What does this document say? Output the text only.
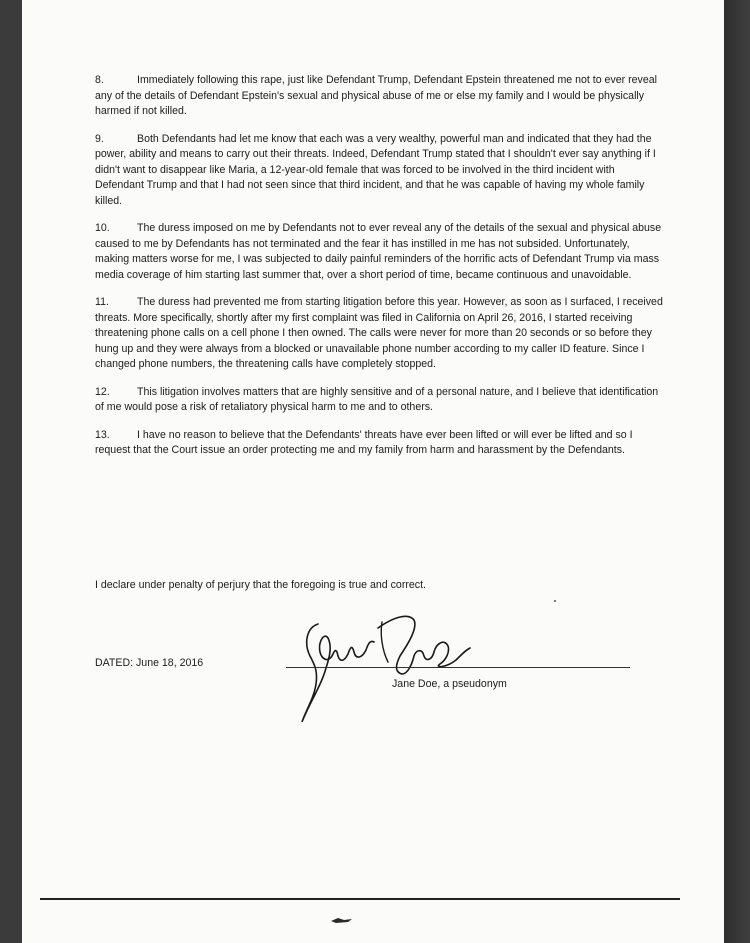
8.	Immediately following this rape, just like Defendant Trump, Defendant Epstein threatened me not to ever reveal any of the details of Defendant Epstein's sexual and physical abuse of me or else my family and I would be physically harmed if not killed.

9.	Both Defendants had let me know that each was a very wealthy, powerful man and indicated that they had the power, ability and means to carry out their threats. Indeed, Defendant Trump stated that I shouldn't ever say anything if I didn't want to disappear like Maria, a 12-year-old female that was forced to be involved in the third incident with Defendant Trump and that I had not seen since that third incident, and that he was capable of having my whole family killed.

10.	The duress imposed on me by Defendants not to ever reveal any of the details of the sexual and physical abuse caused to me by Defendants has not terminated and the fear it has instilled in me has not subsided. Unfortunately, making matters worse for me, I was subjected to daily painful reminders of the horrific acts of Defendant Trump via mass media coverage of him starting last summer that, over a short period of time, became continuous and unavoidable.

11.	The duress had prevented me from starting litigation before this year. However, as soon as I surfaced, I received threats. More specifically, shortly after my first complaint was filed in California on April 26, 2016, I started receiving threatening phone calls on a cell phone I then owned. The calls were never for more than 20 seconds or so before they hung up and they were always from a blocked or unavailable phone number according to my caller ID feature. Since I changed phone numbers, the threatening calls have completely stopped.

12.	This litigation involves matters that are highly sensitive and of a personal nature, and I believe that identification of me would pose a risk of retaliatory physical harm to me and to others.

13.	I have no reason to believe that the Defendants' threats have ever been lifted or will ever be lifted and so I request that the Court issue an order protecting me and my family from harm and harassment by the Defendants.

I declare under penalty of perjury that the foregoing is true and correct.
DATED: June 18, 2016
Jane Doe, a pseudonym
